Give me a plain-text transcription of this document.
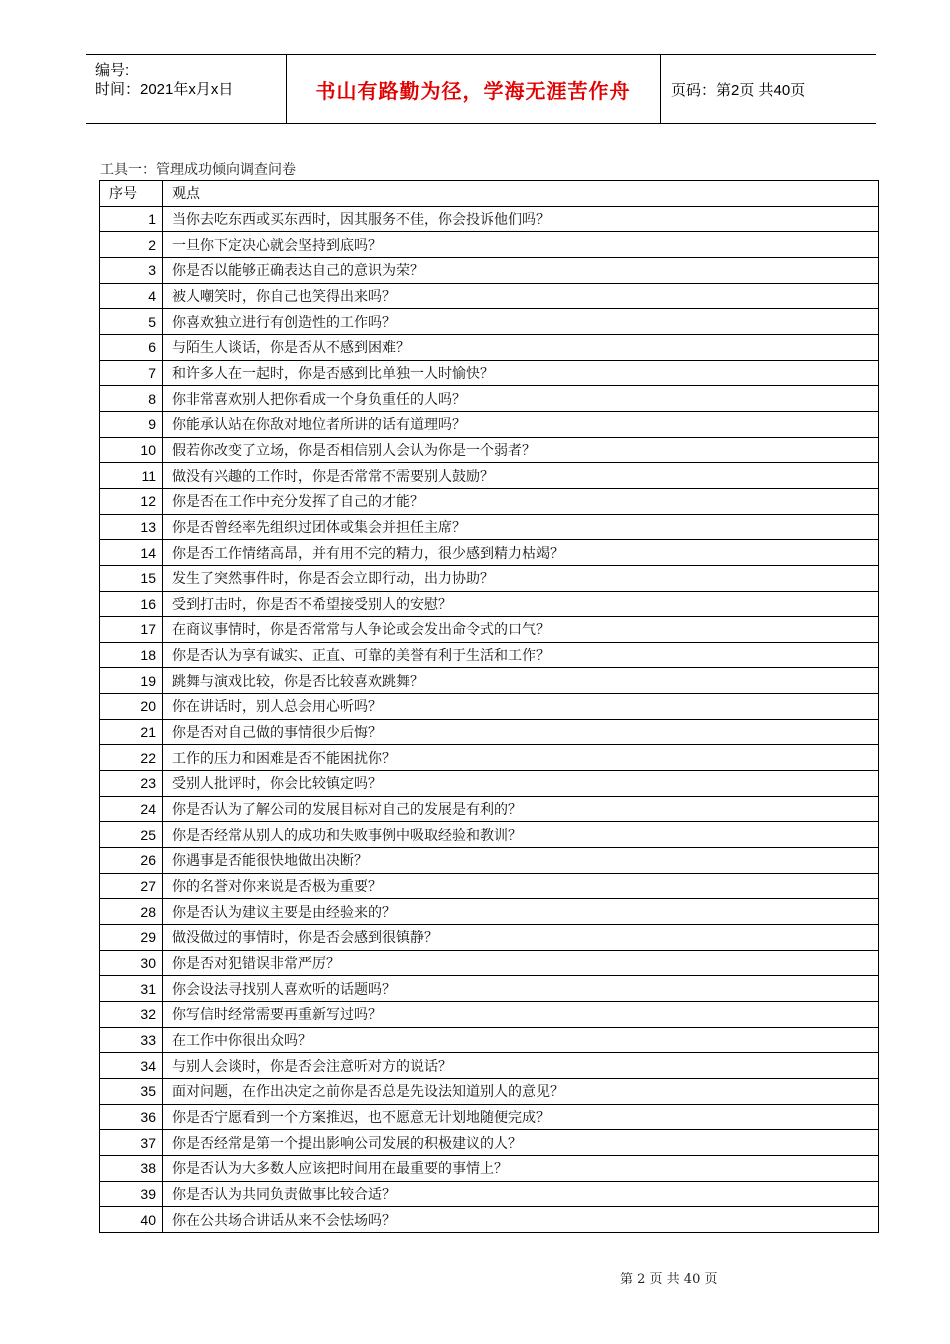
编号:
时间：2021年x月x日	书山有路勤为径，学海无涯苦作舟	页码：第2页 共40页
工具一：管理成功倾向调查问卷
序号	观点
1	当你去吃东西或买东西时，因其服务不佳，你会投诉他们吗？
2	一旦你下定决心就会坚持到底吗？
3	你是否以能够正确表达自己的意识为荣？
4	被人嘲笑时，你自己也笑得出来吗？
5	你喜欢独立进行有创造性的工作吗？
6	与陌生人谈话，你是否从不感到困难？
7	和许多人在一起时，你是否感到比单独一人时愉快？
8	你非常喜欢别人把你看成一个身负重任的人吗？
9	你能承认站在你敌对地位者所讲的话有道理吗？
10	假若你改变了立场，你是否相信别人会认为你是一个弱者？
11	做没有兴趣的工作时，你是否常常不需要别人鼓励？
12	你是否在工作中充分发挥了自己的才能？
13	你是否曾经率先组织过团体或集会并担任主席？
14	你是否工作情绪高昂，并有用不完的精力，很少感到精力枯竭？
15	发生了突然事件时，你是否会立即行动，出力协助？
16	受到打击时，你是否不希望接受别人的安慰？
17	在商议事情时，你是否常常与人争论或会发出命令式的口气？
18	你是否认为享有诚实、正直、可靠的美誉有利于生活和工作？
19	跳舞与演戏比较，你是否比较喜欢跳舞？
20	你在讲话时，别人总会用心听吗？
21	你是否对自己做的事情很少后悔？
22	工作的压力和困难是否不能困扰你？
23	受别人批评时，你会比较镇定吗？
24	你是否认为了解公司的发展目标对自己的发展是有利的？
25	你是否经常从别人的成功和失败事例中吸取经验和教训？
26	你遇事是否能很快地做出决断？
27	你的名誉对你来说是否极为重要？
28	你是否认为建议主要是由经验来的？
29	做没做过的事情时，你是否会感到很镇静？
30	你是否对犯错误非常严厉？
31	你会设法寻找别人喜欢听的话题吗？
32	你写信时经常需要再重新写过吗？
33	在工作中你很出众吗？
34	与别人会谈时，你是否会注意听对方的说话？
35	面对问题，在作出决定之前你是否总是先设法知道别人的意见？
36	你是否宁愿看到一个方案推迟，也不愿意无计划地随便完成？
37	你是否经常是第一个提出影响公司发展的积极建议的人？
38	你是否认为大多数人应该把时间用在最重要的事情上？
39	你是否认为共同负责做事比较合适？
40	你在公共场合讲话从来不会怯场吗？
第 2 页 共 40 页
